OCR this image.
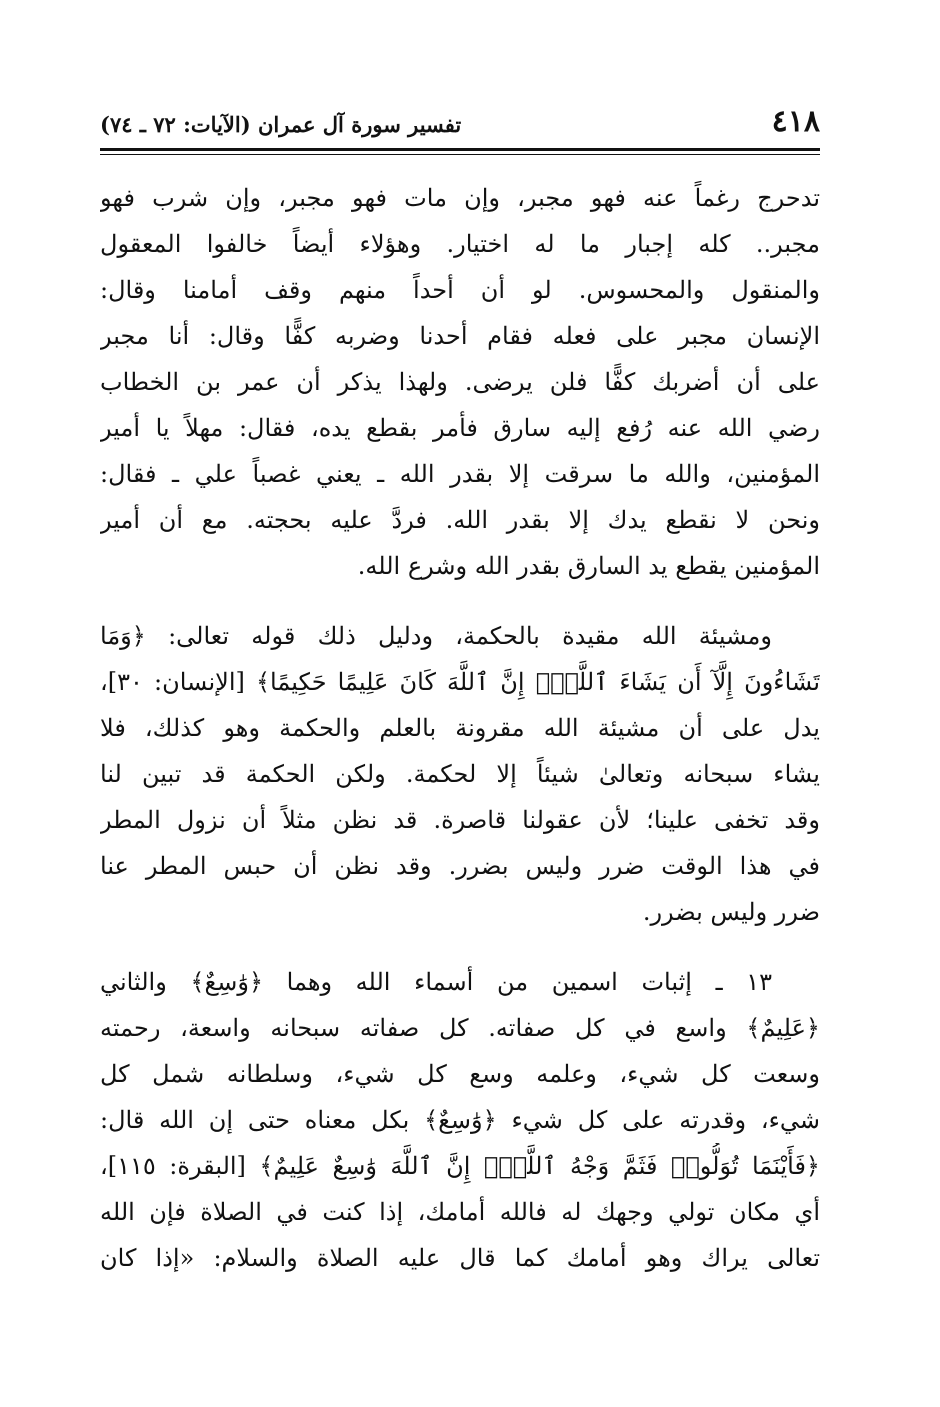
٤١٨
تفسير سورة آل عمران (الآيات: ٧٢ ـ ٧٤)
تدحرج رغماً عنه فهو مجبر، وإن مات فهو مجبر، وإن شرب فهو
مجبر.. كله إجبار ما له اختيار. وهؤلاء أيضاً خالفوا المعقول
والمنقول والمحسوس. لو أن أحداً منهم وقف أمامنا وقال:
الإنسان مجبر على فعله فقام أحدنا وضربه كفًّا وقال: أنا مجبر
على أن أضربك كفًّا فلن يرضى. ولهذا يذكر أن عمر بن الخطاب
رضي الله عنه رُفع إليه سارق فأمر بقطع يده، فقال: مهلاً يا أمير
المؤمنين، والله ما سرقت إلا بقدر الله ـ يعني غصباً علي ـ فقال:
ونحن لا نقطع يدك إلا بقدر الله. فردَّ عليه بحجته. مع أن أمير
المؤمنين يقطع يد السارق بقدر الله وشرع الله.
ومشيئة الله مقيدة بالحكمة، ودليل ذلك قوله تعالى: ﴿وَمَا
تَشَاءُونَ إِلَّآ أَن يَشَاءَ ٱللَّهُۚ إِنَّ ٱللَّهَ كَانَ عَلِيمًا حَكِيمًا﴾ [الإنسان: ٣٠]،
يدل على أن مشيئة الله مقرونة بالعلم والحكمة وهو كذلك، فلا
يشاء سبحانه وتعالىٰ شيئاً إلا لحكمة. ولكن الحكمة قد تبين لنا
وقد تخفى علينا؛ لأن عقولنا قاصرة. قد نظن مثلاً أن نزول المطر
في هذا الوقت ضرر وليس بضرر. وقد نظن أن حبس المطر عنا
ضرر وليس بضرر.
١٣ ـ إثبات اسمين من أسماء الله وهما ﴿وَٰسِعٌ﴾ والثاني
﴿عَلِيمٌ﴾ واسع في كل صفاته. كل صفاته سبحانه واسعة، رحمته
وسعت كل شيء، وعلمه وسع كل شيء، وسلطانه شمل كل
شيء، وقدرته على كل شيء ﴿وَٰسِعٌ﴾ بكل معناه حتى إن الله قال:
﴿فَأَيْنَمَا تُوَلُّوا۟ فَثَمَّ وَجْهُ ٱللَّهِۚ إِنَّ ٱللَّهَ وَٰسِعٌ عَلِيمٌ﴾ [البقرة: ١١٥]،
أي مكان تولي وجهك له فالله أمامك، إذا كنت في الصلاة فإن الله
تعالى يراك وهو أمامك كما قال عليه الصلاة والسلام: «إذا كان
